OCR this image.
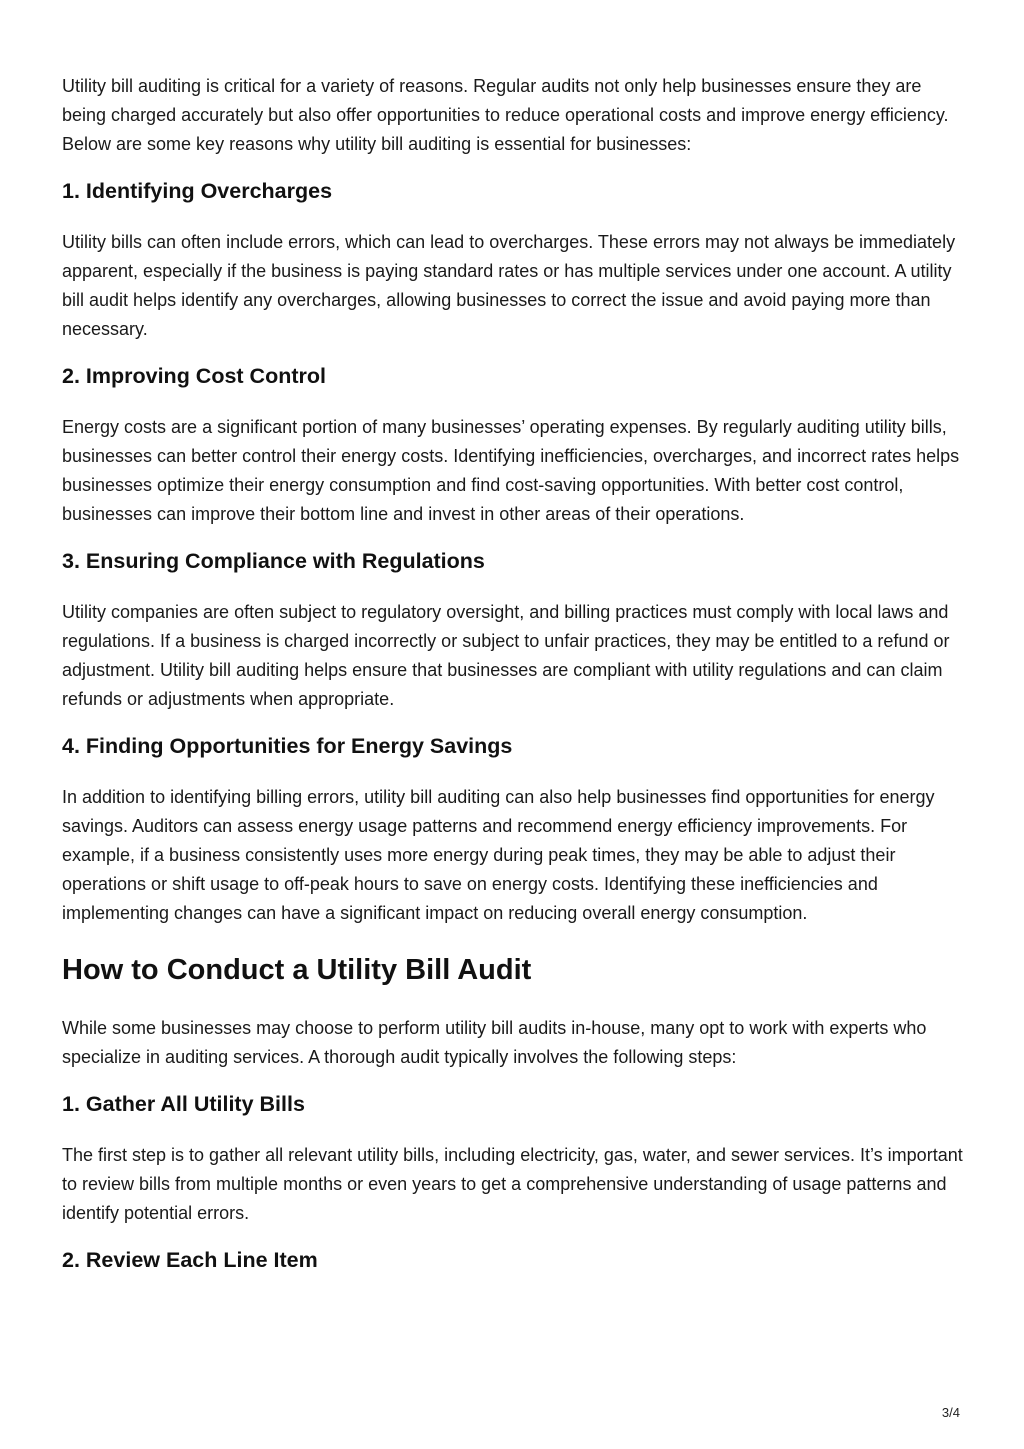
Utility bill auditing is critical for a variety of reasons. Regular audits not only help businesses ensure they are being charged accurately but also offer opportunities to reduce operational costs and improve energy efficiency. Below are some key reasons why utility bill auditing is essential for businesses:

1. Identifying Overcharges

Utility bills can often include errors, which can lead to overcharges. These errors may not always be immediately apparent, especially if the business is paying standard rates or has multiple services under one account. A utility bill audit helps identify any overcharges, allowing businesses to correct the issue and avoid paying more than necessary.

2. Improving Cost Control

Energy costs are a significant portion of many businesses’ operating expenses. By regularly auditing utility bills, businesses can better control their energy costs. Identifying inefficiencies, overcharges, and incorrect rates helps businesses optimize their energy consumption and find cost-saving opportunities. With better cost control, businesses can improve their bottom line and invest in other areas of their operations.

3. Ensuring Compliance with Regulations

Utility companies are often subject to regulatory oversight, and billing practices must comply with local laws and regulations. If a business is charged incorrectly or subject to unfair practices, they may be entitled to a refund or adjustment. Utility bill auditing helps ensure that businesses are compliant with utility regulations and can claim refunds or adjustments when appropriate.

4. Finding Opportunities for Energy Savings

In addition to identifying billing errors, utility bill auditing can also help businesses find opportunities for energy savings. Auditors can assess energy usage patterns and recommend energy efficiency improvements. For example, if a business consistently uses more energy during peak times, they may be able to adjust their operations or shift usage to off-peak hours to save on energy costs. Identifying these inefficiencies and implementing changes can have a significant impact on reducing overall energy consumption.

How to Conduct a Utility Bill Audit

While some businesses may choose to perform utility bill audits in-house, many opt to work with experts who specialize in auditing services. A thorough audit typically involves the following steps:

1. Gather All Utility Bills

The first step is to gather all relevant utility bills, including electricity, gas, water, and sewer services. It’s important to review bills from multiple months or even years to get a comprehensive understanding of usage patterns and identify potential errors.

2. Review Each Line Item
3/4
